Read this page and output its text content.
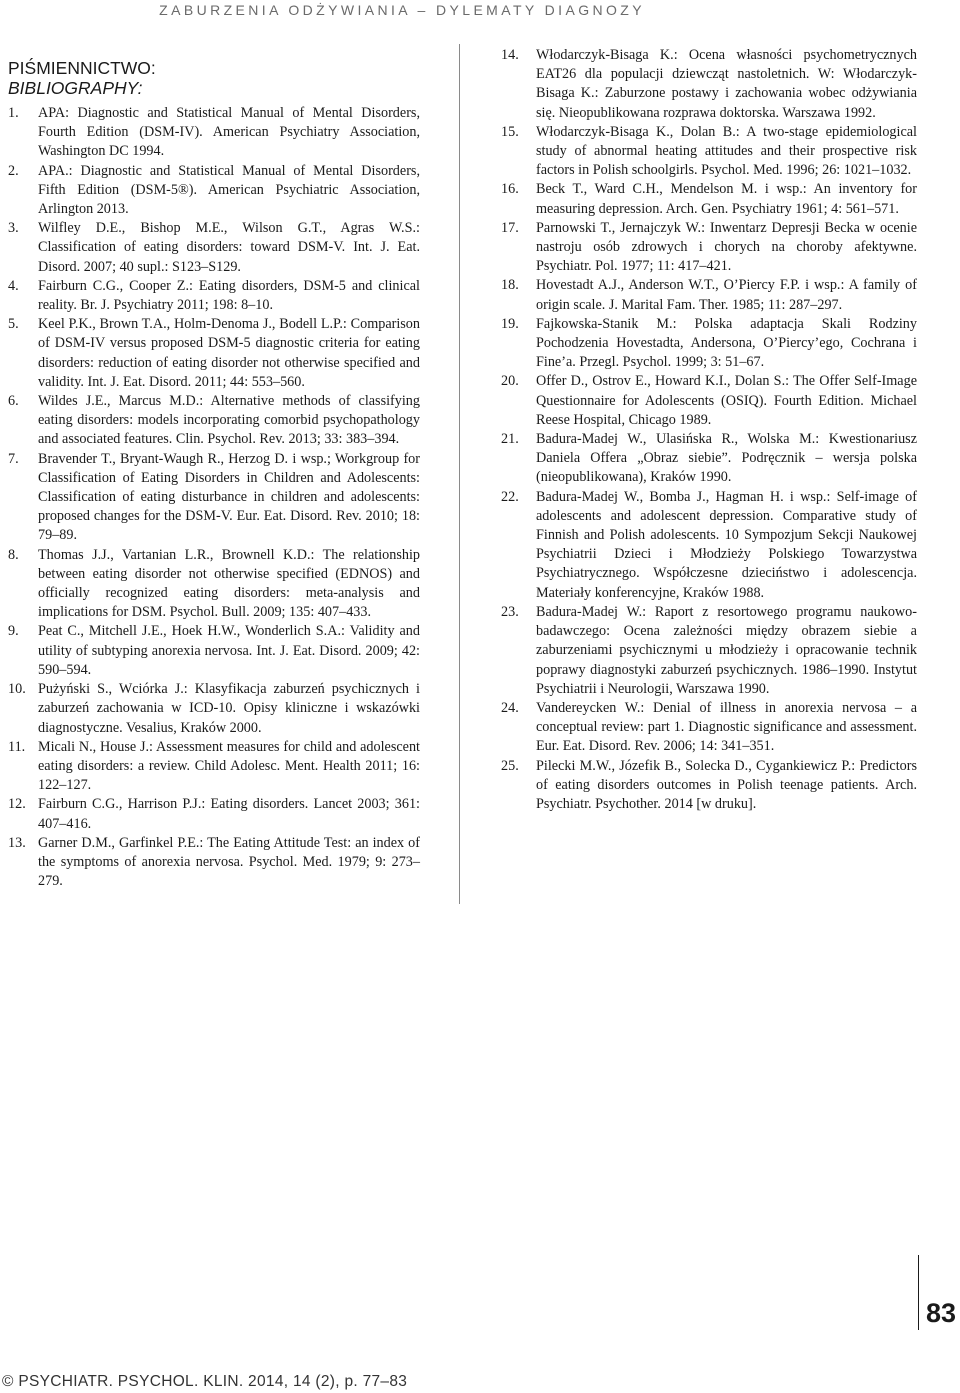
ZABURZENIA ODŻYWIANIA – DYLEMATY DIAGNOZY
PIŚMIENNICTWO:
BIBLIOGRAPHY:
1. APA: Diagnostic and Statistical Manual of Mental Disorders, Fourth Edition (DSM-IV). American Psychiatry Association, Washington DC 1994.
2. APA.: Diagnostic and Statistical Manual of Mental Disorders, Fifth Edition (DSM-5®). American Psychiatric Association, Arlington 2013.
3. Wilfley D.E., Bishop M.E., Wilson G.T., Agras W.S.: Classification of eating disorders: toward DSM-V. Int. J. Eat. Disord. 2007; 40 supl.: S123–S129.
4. Fairburn C.G., Cooper Z.: Eating disorders, DSM-5 and clinical reality. Br. J. Psychiatry 2011; 198: 8–10.
5. Keel P.K., Brown T.A., Holm-Denoma J., Bodell L.P.: Comparison of DSM-IV versus proposed DSM-5 diagnostic criteria for eating disorders: reduction of eating disorder not otherwise specified and validity. Int. J. Eat. Disord. 2011; 44: 553–560.
6. Wildes J.E., Marcus M.D.: Alternative methods of classifying eating disorders: models incorporating comorbid psychopathology and associated features. Clin. Psychol. Rev. 2013; 33: 383–394.
7. Bravender T., Bryant-Waugh R., Herzog D. i wsp.; Workgroup for Classification of Eating Disorders in Children and Adolescents: Classification of eating disturbance in children and adolescents: proposed changes for the DSM-V. Eur. Eat. Disord. Rev. 2010; 18: 79–89.
8. Thomas J.J., Vartanian L.R., Brownell K.D.: The relationship between eating disorder not otherwise specified (EDNOS) and officially recognized eating disorders: meta-analysis and implications for DSM. Psychol. Bull. 2009; 135: 407–433.
9. Peat C., Mitchell J.E., Hoek H.W., Wonderlich S.A.: Validity and utility of subtyping anorexia nervosa. Int. J. Eat. Disord. 2009; 42: 590–594.
10. Pużyński S., Wciórka J.: Klasyfikacja zaburzeń psychicznych i zaburzeń zachowania w ICD-10. Opisy kliniczne i wskazówki diagnostyczne. Vesalius, Kraków 2000.
11. Micali N., House J.: Assessment measures for child and adolescent eating disorders: a review. Child Adolesc. Ment. Health 2011; 16: 122–127.
12. Fairburn C.G., Harrison P.J.: Eating disorders. Lancet 2003; 361: 407–416.
13. Garner D.M., Garfinkel P.E.: The Eating Attitude Test: an index of the symptoms of anorexia nervosa. Psychol. Med. 1979; 9: 273–279.
14. Włodarczyk-Bisaga K.: Ocena własności psychometrycznych EAT26 dla populacji dziewcząt nastoletnich. W: Włodarczyk-Bisaga K.: Zaburzone postawy i zachowania wobec odżywiania się. Nieopublikowana rozprawa doktorska. Warszawa 1992.
15. Włodarczyk-Bisaga K., Dolan B.: A two-stage epidemiological study of abnormal heating attitudes and their prospective risk factors in Polish schoolgirls. Psychol. Med. 1996; 26: 1021–1032.
16. Beck T., Ward C.H., Mendelson M. i wsp.: An inventory for measuring depression. Arch. Gen. Psychiatry 1961; 4: 561–571.
17. Parnowski T., Jernajczyk W.: Inwentarz Depresji Becka w ocenie nastroju osób zdrowych i chorych na choroby afektywne. Psychiatr. Pol. 1977; 11: 417–421.
18. Hovestadt A.J., Anderson W.T., O’Piercy F.P. i wsp.: A family of origin scale. J. Marital Fam. Ther. 1985; 11: 287–297.
19. Fajkowska-Stanik M.: Polska adaptacja Skali Rodziny Pochodzenia Hovestadta, Andersona, O’Piercy’ego, Cochrana i Fine’a. Przegl. Psychol. 1999; 3: 51–67.
20. Offer D., Ostrov E., Howard K.I., Dolan S.: The Offer Self-Image Questionnaire for Adolescents (OSIQ). Fourth Edition. Michael Reese Hospital, Chicago 1989.
21. Badura-Madej W., Ulasińska R., Wolska M.: Kwestionariusz Daniela Offera „Obraz siebie”. Podręcznik – wersja polska (nieopublikowana), Kraków 1990.
22. Badura-Madej W., Bomba J., Hagman H. i wsp.: Self-image of adolescents and adolescent depression. Comparative study of Finnish and Polish adolescents. 10 Sympozjum Sekcji Naukowej Psychiatrii Dzieci i Młodzieży Polskiego Towarzystwa Psychiatrycznego. Współczesne dzieciństwo i adolescencja. Materiały konferencyjne, Kraków 1988.
23. Badura-Madej W.: Raport z resortowego programu naukowo-badawczego: Ocena zależności między obrazem siebie a zaburzeniami psychicznymi u młodzieży i opracowanie technik poprawy diagnostyki zaburzeń psychicznych. 1986–1990. Instytut Psychiatrii i Neurologii, Warszawa 1990.
24. Vandereycken W.: Denial of illness in anorexia nervosa – a conceptual review: part 1. Diagnostic significance and assessment. Eur. Eat. Disord. Rev. 2006; 14: 341–351.
25. Pilecki M.W., Józefik B., Solecka D., Cygankiewicz P.: Predictors of eating disorders outcomes in Polish teenage patients. Arch. Psychiatr. Psychother. 2014 [w druku].
83
© PSYCHIATR. PSYCHOL. KLIN. 2014, 14 (2), p. 77–83
